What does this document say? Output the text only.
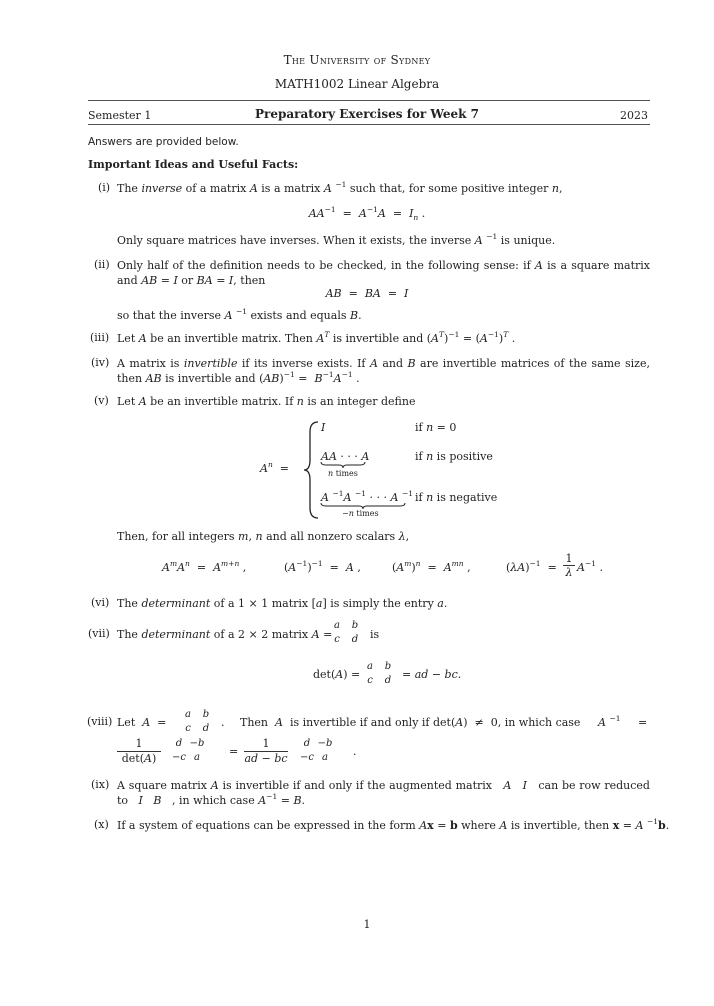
The University of Sydney
MATH1002 Linear Algebra
Semester 1	Preparatory Exercises for Week 7	2023
Answers are provided below.
Important Ideas and Useful Facts:
(i) The inverse of a matrix A is a matrix A $^{-1}$ such that, for some positive integer n,
$AA^{-1} = A^{-1}A = I_n$ .
Only square matrices have inverses. When it exists, the inverse A $^{-1}$ is unique.
(ii) Only half of the definition needs to be checked, in the following sense: if A is a square matrix and AB = I or BA = I, then
AB  =  BA  =  I
so that the inverse A $^{-1}$ exists and equals B.
(iii) Let A be an invertible matrix. Then $A^T$ is invertible and $(A^T)^{-1} = (A^{-1})^T$ .
(iv) A matrix is invertible if its inverse exists. If A and B are invertible matrices of the same size, then AB is invertible and $(AB)^{-1} = B^{-1}A^{-1}$ .
(v) Let A be an invertible matrix. If n is an integer define
$A^n$  =
I	if n = 0
AA · · · A
n times
if n is positive
A $^{-1}$A $^{-1}$ · · · A $^{-1}$
−n times
if n is negative
Then, for all integers m, n and all nonzero scalars λ,
$A^mA^n = A^{m+n}$ ,	$(A^{-1})^{-1} = A$ ,	$(A^m)^n = A^{mn}$ ,	$(\lambda A)^{-1}$  =
1
λ $A^{-1}$ .
(vi) The determinant of a 1 × 1 matrix [a] is simply the entry a.
(vii) The determinant of a 2 × 2 matrix A =
a b
c d	is
det(A) =
a b
c d = ad − bc.
(viii) Let  A  =
a b
c d	. Then  A  is invertible if and only if det(A)  ≠  0, in which case A $^{-1}$ =
1
det(A)
d −b
−c a	=
1
ad − bc
d −b
−c a	.
(ix) A square matrix A is invertible if and only if the augmented matrix   A I   can be row reduced to   I B   , in which case $A^{-1} = B$.
(x) If a system of equations can be expressed in the form Ax = b where A is invertible, then x = A $^{-1}$b.
1
